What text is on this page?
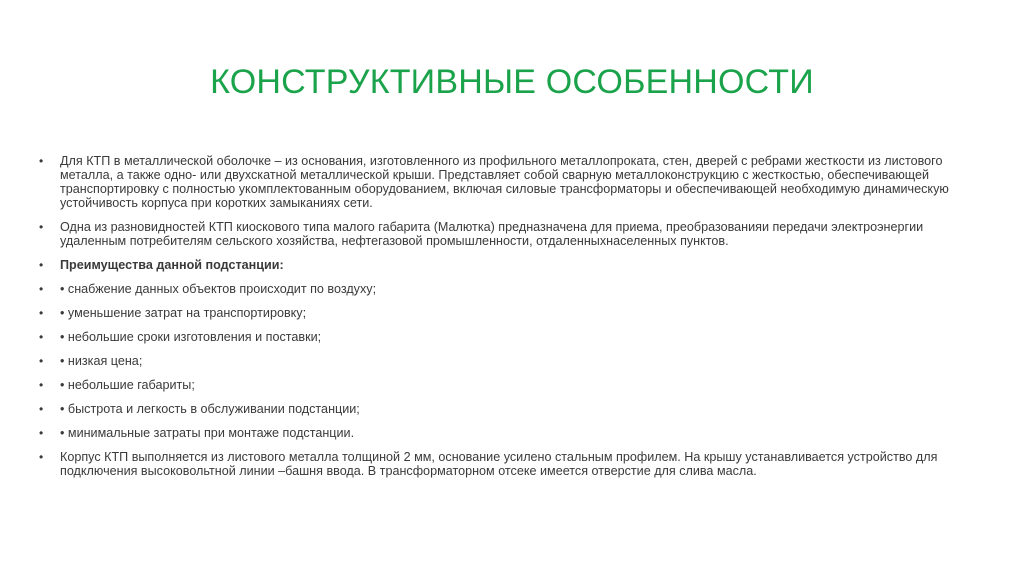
КОНСТРУКТИВНЫЕ ОСОБЕННОСТИ
• Для КТП в металлической оболочке – из основания, изготовленного из профильного металлопроката, стен, дверей с ребрами жесткости из листового металла, а также одно- или двухскатной металлической крыши. Представляет собой сварную металлоконструкцию с жесткостью, обеспечивающей транспортировку с полностью укомплектованным оборудованием, включая силовые трансформаторы и обеспечивающей необходимую динамическую устойчивость корпуса при коротких замыканиях сети.
• Одна из разновидностей КТП киоскового типа малого габарита (Малютка) предназначена для приема, преобразованияи передачи электроэнергии удаленным потребителям сельского хозяйства, нефтегазовой промышленности, отдаленныхнаселенных пунктов.
• Преимущества данной подстанции:
• • снабжение данных объектов происходит по воздуху;
• • уменьшение затрат на транспортировку;
• • небольшие сроки изготовления и поставки;
• • низкая цена;
• • небольшие габариты;
• • быстрота и легкость в обслуживании подстанции;
• • минимальные затраты при монтаже подстанции.
• Корпус КТП выполняется из листового металла толщиной 2 мм, основание усилено стальным профилем. На крышу устанавливается устройство для подключения высоковольтной линии –башня ввода. В трансформаторном отсеке имеется отверстие для слива масла.
